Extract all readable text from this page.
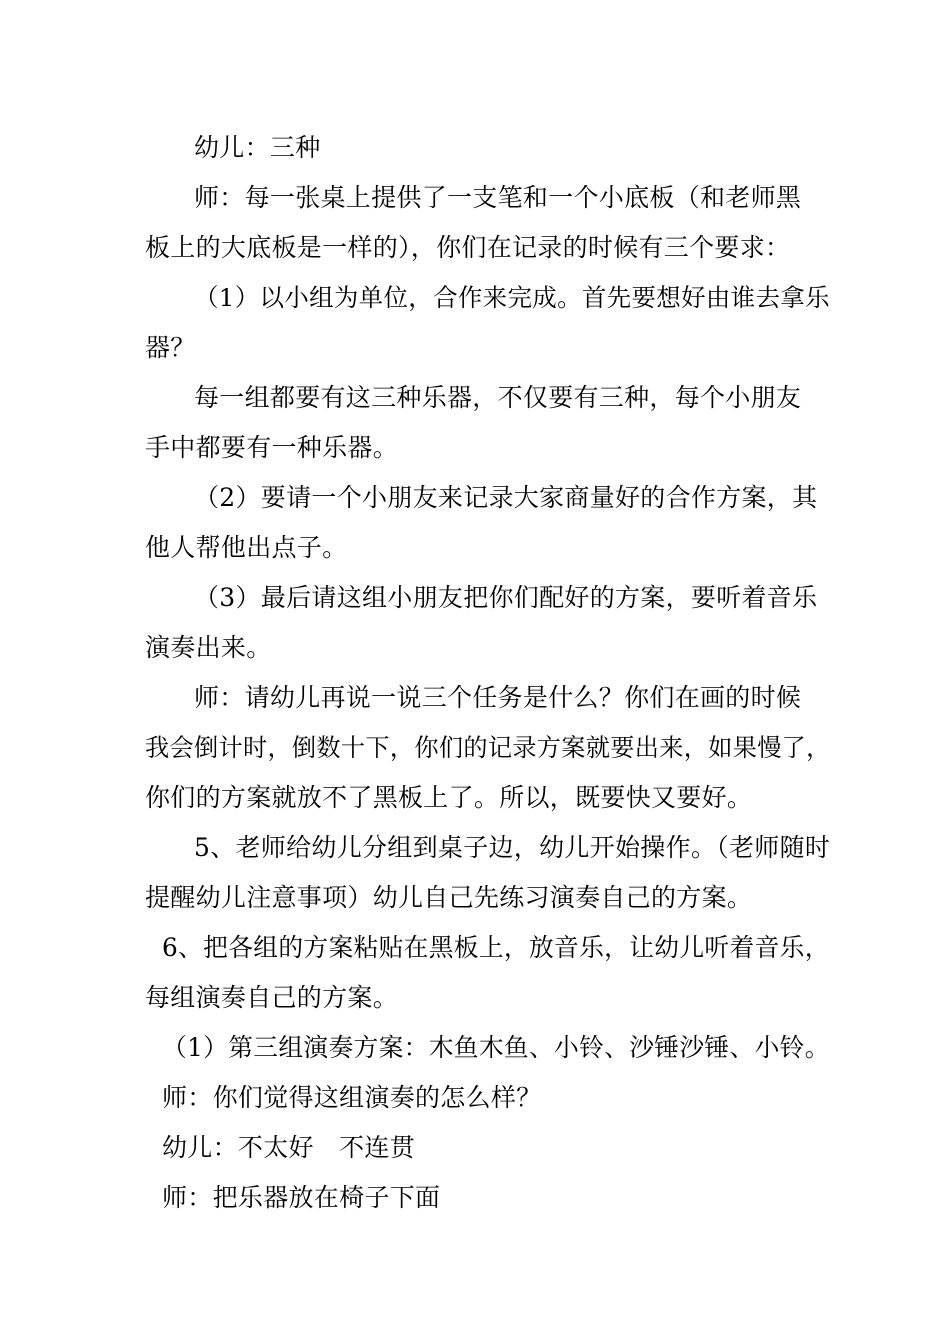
幼儿：三种
师：每一张桌上提供了一支笔和一个小底板（和老师黑
板上的大底板是一样的），你们在记录的时候有三个要求：
（1）以小组为单位，合作来完成。首先要想好由谁去拿乐
器？
每一组都要有这三种乐器，不仅要有三种，每个小朋友
手中都要有一种乐器。
（2）要请一个小朋友来记录大家商量好的合作方案，其
他人帮他出点子。
（3）最后请这组小朋友把你们配好的方案，要听着音乐
演奏出来。
师：请幼儿再说一说三个任务是什么？你们在画的时候
我会倒计时，倒数十下，你们的记录方案就要出来，如果慢了，
你们的方案就放不了黑板上了。所以，既要快又要好。
5、老师给幼儿分组到桌子边，幼儿开始操作。（老师随时
提醒幼儿注意事项）幼儿自己先练习演奏自己的方案。
6、把各组的方案粘贴在黑板上，放音乐，让幼儿听着音乐，
每组演奏自己的方案。
（1）第三组演奏方案：木鱼木鱼、小铃、沙锤沙锤、小铃。
师：你们觉得这组演奏的怎么样？
幼儿：不太好　不连贯
师：把乐器放在椅子下面
